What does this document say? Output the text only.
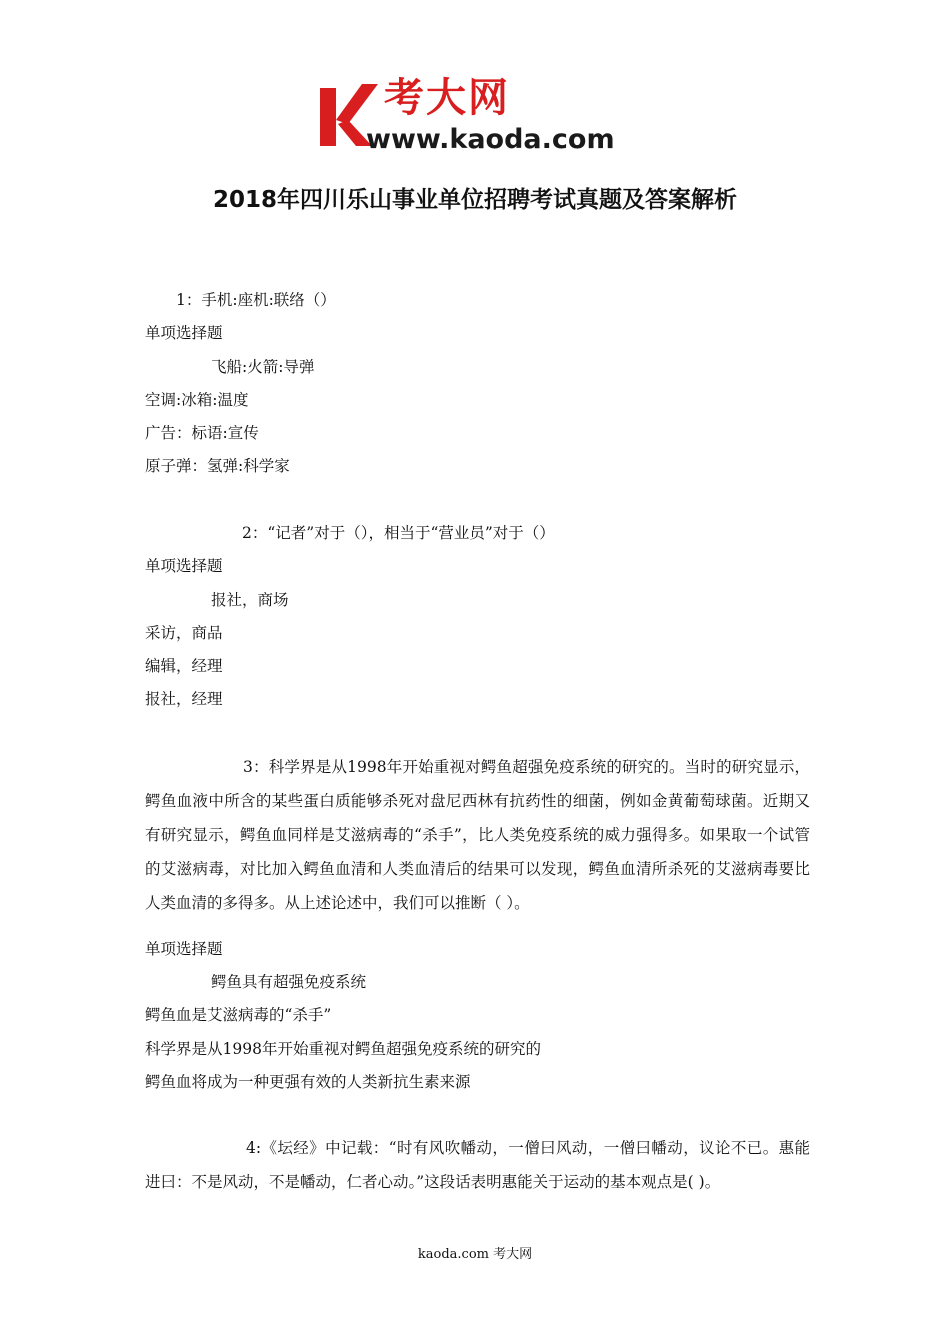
考大网
www.kaoda.com
2018年四川乐山事业单位招聘考试真题及答案解析
1：手机:座机:联络（）
单项选择题
飞船:火箭:导弹
空调:冰箱:温度
广告：标语:宣传
原子弹：氢弹:科学家
2：“记者”对于（），相当于“营业员”对于（）
单项选择题
报社，商场
采访，商品
编辑，经理
报社，经理
3：科学界是从1998年开始重视对鳄鱼超强免疫系统的研究的。当时的研究显示，鳄鱼血液中所含的某些蛋白质能够杀死对盘尼西林有抗药性的细菌，例如金黄葡萄球菌。近期又有研究显示，鳄鱼血同样是艾滋病毒的“杀手”，比人类免疫系统的威力强得多。如果取一个试管的艾滋病毒，对比加入鳄鱼血清和人类血清后的结果可以发现，鳄鱼血清所杀死的艾滋病毒要比人类血清的多得多。从上述论述中，我们可以推断（ ）。
单项选择题
鳄鱼具有超强免疫系统
鳄鱼血是艾滋病毒的“杀手”
科学界是从1998年开始重视对鳄鱼超强免疫系统的研究的
鳄鱼血将成为一种更强有效的人类新抗生素来源
4:《坛经》中记载：“时有风吹幡动，一僧曰风动，一僧曰幡动，议论不已。惠能进曰：不是风动，不是幡动，仁者心动。”这段话表明惠能关于运动的基本观点是( )。
kaoda.com 考大网
